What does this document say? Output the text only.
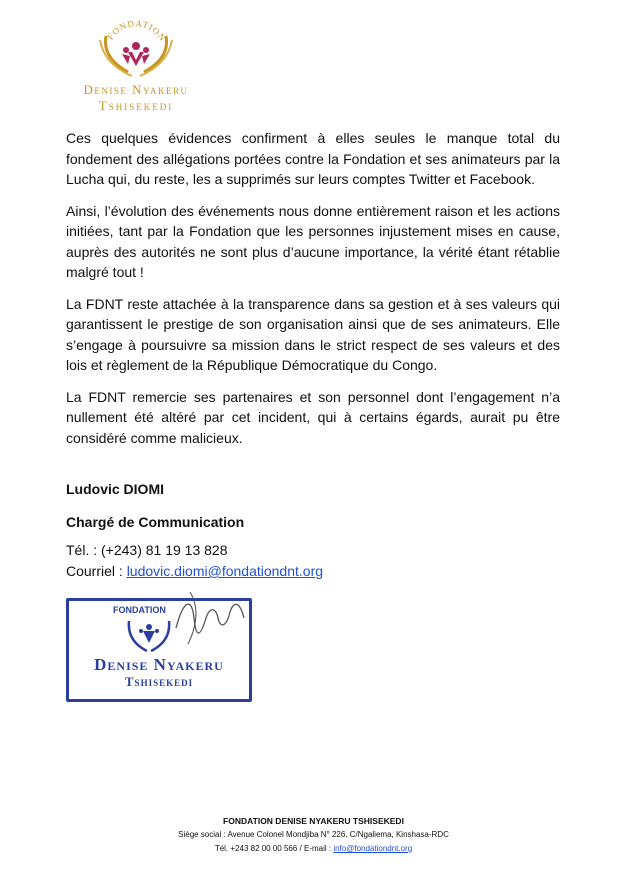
FONDATION
Denise Nyakeru
Tshisekedi

Ces quelques évidences confirment à elles seules le manque total du fondement des allégations portées contre la Fondation et ses animateurs par la Lucha qui, du reste, les a supprimés sur leurs comptes Twitter et Facebook.

Ainsi, l’évolution des événements nous donne entièrement raison et les actions initiées, tant par la Fondation que les personnes injustement mises en cause, auprès des autorités ne sont plus d’aucune importance, la vérité étant rétablie malgré tout !

La FDNT reste attachée à la transparence dans sa gestion et à ses valeurs qui garantissent le prestige de son organisation ainsi que de ses animateurs. Elle s’engage à poursuivre sa mission dans le strict respect de ses valeurs et des lois et règlement de la République Démocratique du Congo.

La FDNT remercie ses partenaires et son personnel dont l’engagement n’a nullement été altéré par cet incident, qui à certains égards, aurait pu être considéré comme malicieux.

Ludovic DIOMI
Chargé de Communication
Tél. : (+243) 81 19 13 828
Courriel : ludovic.diomi@fondationdnt.org
FONDATION
Denise Nyakeru
Tshisekedi
FONDATION DENISE NYAKERU TSHISEKEDI
Siège social : Avenue Colonel Mondjiba N° 226, C/Ngaliema, Kinshasa-RDC
Tél. +243 82 00 00 566 / E-mail : info@fondationdnt.org
